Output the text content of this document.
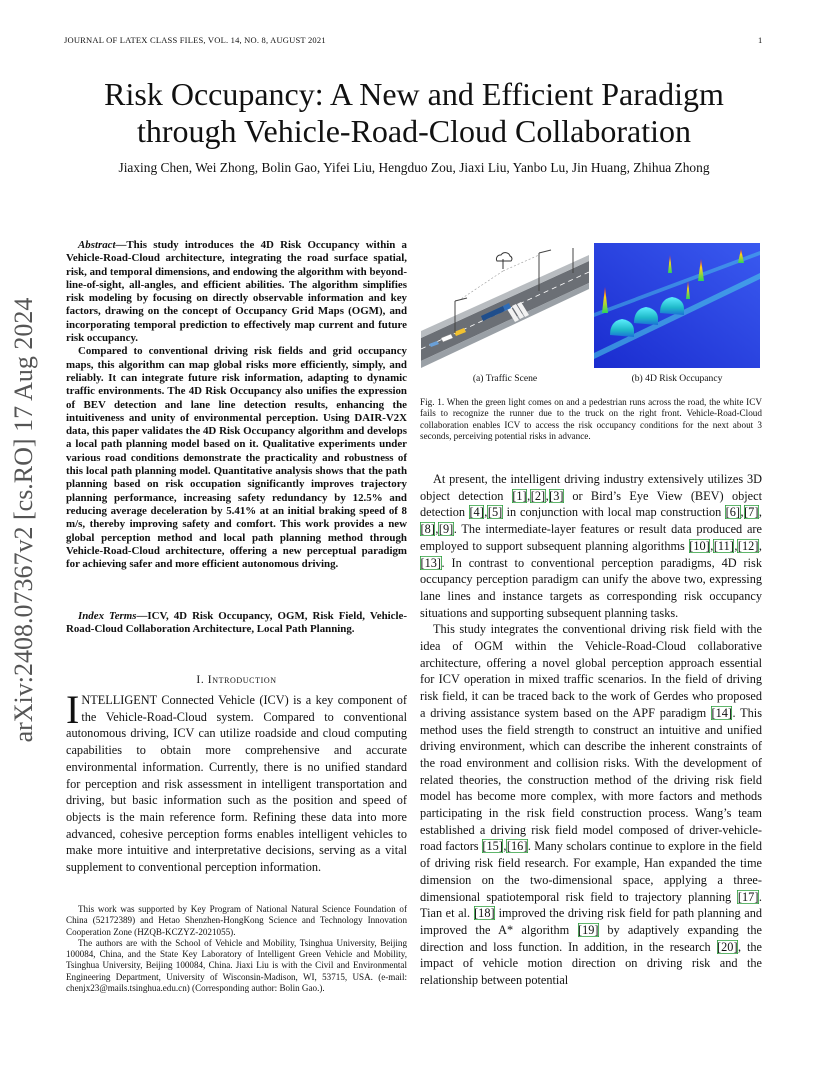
JOURNAL OF LATEX CLASS FILES, VOL. 14, NO. 8, AUGUST 2021	1
Risk Occupancy: A New and Efficient Paradigm
through Vehicle-Road-Cloud Collaboration
Jiaxing Chen, Wei Zhong, Bolin Gao, Yifei Liu, Hengduo Zou, Jiaxi Liu, Yanbo Lu, Jin Huang, Zhihua Zhong
arXiv:2408.07367v2 [cs.RO] 17 Aug 2024

Abstract—This study introduces the 4D Risk Occupancy within a Vehicle-Road-Cloud architecture, integrating the road surface spatial, risk, and temporal dimensions, and endowing the algorithm with beyond-line-of-sight, all-angles, and efficient abilities. The algorithm simplifies risk modeling by focusing on directly observable information and key factors, drawing on the concept of Occupancy Grid Maps (OGM), and incorporating temporal prediction to effectively map current and future risk occupancy.

Compared to conventional driving risk fields and grid occupancy maps, this algorithm can map global risks more efficiently, simply, and reliably. It can integrate future risk information, adapting to dynamic traffic environments. The 4D Risk Occupancy also unifies the expression of BEV detection and lane line detection results, enhancing the intuitiveness and unity of environmental perception. Using DAIR-V2X data, this paper validates the 4D Risk Occupancy algorithm and develops a local path planning model based on it. Qualitative experiments under various road conditions demonstrate the practicality and robustness of this local path planning model. Quantitative analysis shows that the path planning based on risk occupation significantly improves trajectory planning performance, increasing safety redundancy by 12.5% and reducing average deceleration by 5.41% at an initial braking speed of 8 m/s, thereby improving safety and comfort. This work provides a new global perception method and local path planning method through Vehicle-Road-Cloud architecture, offering a new perceptual paradigm for achieving safer and more efficient autonomous driving.

Index Terms—ICV, 4D Risk Occupancy, OGM, Risk Field, Vehicle-Road-Cloud Collaboration Architecture, Local Path Planning.
I. Introduction

INTELLIGENT Connected Vehicle (ICV) is a key component of the Vehicle-Road-Cloud system. Compared to conventional autonomous driving, ICV can utilize roadside and cloud computing capabilities to obtain more comprehensive and accurate environmental information. Currently, there is no unified standard for perception and risk assessment in intelligent transportation and driving, but basic information such as the position and speed of objects is the main reference form. Refining these data into more advanced, cohesive perception forms enables intelligent vehicles to make more intuitive and interpretative decisions, serving as a vital supplement to conventional perception information.

This work was supported by Key Program of National Natural Science Foundation of China (52172389) and Hetao Shenzhen-HongKong Science and Technology Innovation Cooperation Zone (HZQB-KCZYZ-2021055).

The authors are with the School of Vehicle and Mobility, Tsinghua University, Beijing 100084, China, and the State Key Laboratory of Intelligent Green Vehicle and Mobility, Tsinghua University, Beijing 100084, China. Jiaxi Liu is with the Civil and Environmental Engineering Department, University of Wisconsin-Madison, WI, 53715, USA. (e-mail: chenjx23@mails.tsinghua.edu.cn) (Corresponding author: Bolin Gao.).

(a) Traffic Scene	(b) 4D Risk Occupancy
Fig. 1. When the green light comes on and a pedestrian runs across the road, the white ICV fails to recognize the runner due to the truck on the right front. Vehicle-Road-Cloud collaboration enables ICV to access the risk occupancy conditions for the next about 3 seconds, perceiving potential risks in advance.

At present, the intelligent driving industry extensively utilizes 3D object detection [1],[2],[3] or Bird’s Eye View (BEV) object detection [4],[5] in conjunction with local map construction [6],[7],[8],[9]. The intermediate-layer features or result data produced are employed to support subsequent planning algorithms [10],[11],[12],[13]. In contrast to conventional perception paradigms, 4D risk occupancy perception paradigm can unify the above two, expressing lane lines and instance targets as corresponding risk occupancy situations and supporting subsequent planning tasks.

This study integrates the conventional driving risk field with the idea of OGM within the Vehicle-Road-Cloud collaborative architecture, offering a novel global perception approach essential for ICV operation in mixed traffic scenarios. In the field of driving risk field, it can be traced back to the work of Gerdes who proposed a driving assistance system based on the APF paradigm [14]. This method uses the field strength to construct an intuitive and unified driving environment, which can describe the inherent constraints of the road environment and collision risks. With the development of related theories, the construction method of the driving risk field model has become more complex, with more factors and methods participating in the risk field construction process. Wang’s team established a driving risk field model composed of driver-vehicle-road factors [15],[16]. Many scholars continue to explore in the field of driving risk field research. For example, Han expanded the time dimension on the two-dimensional space, applying a three-dimensional spatiotemporal risk field to trajectory planning [17]. Tian et al. [18] improved the driving risk field for path planning and improved the A* algorithm [19] by adaptively expanding the direction and loss function. In addition, in the research [20], the impact of vehicle motion direction on driving risk and the relationship between potential
